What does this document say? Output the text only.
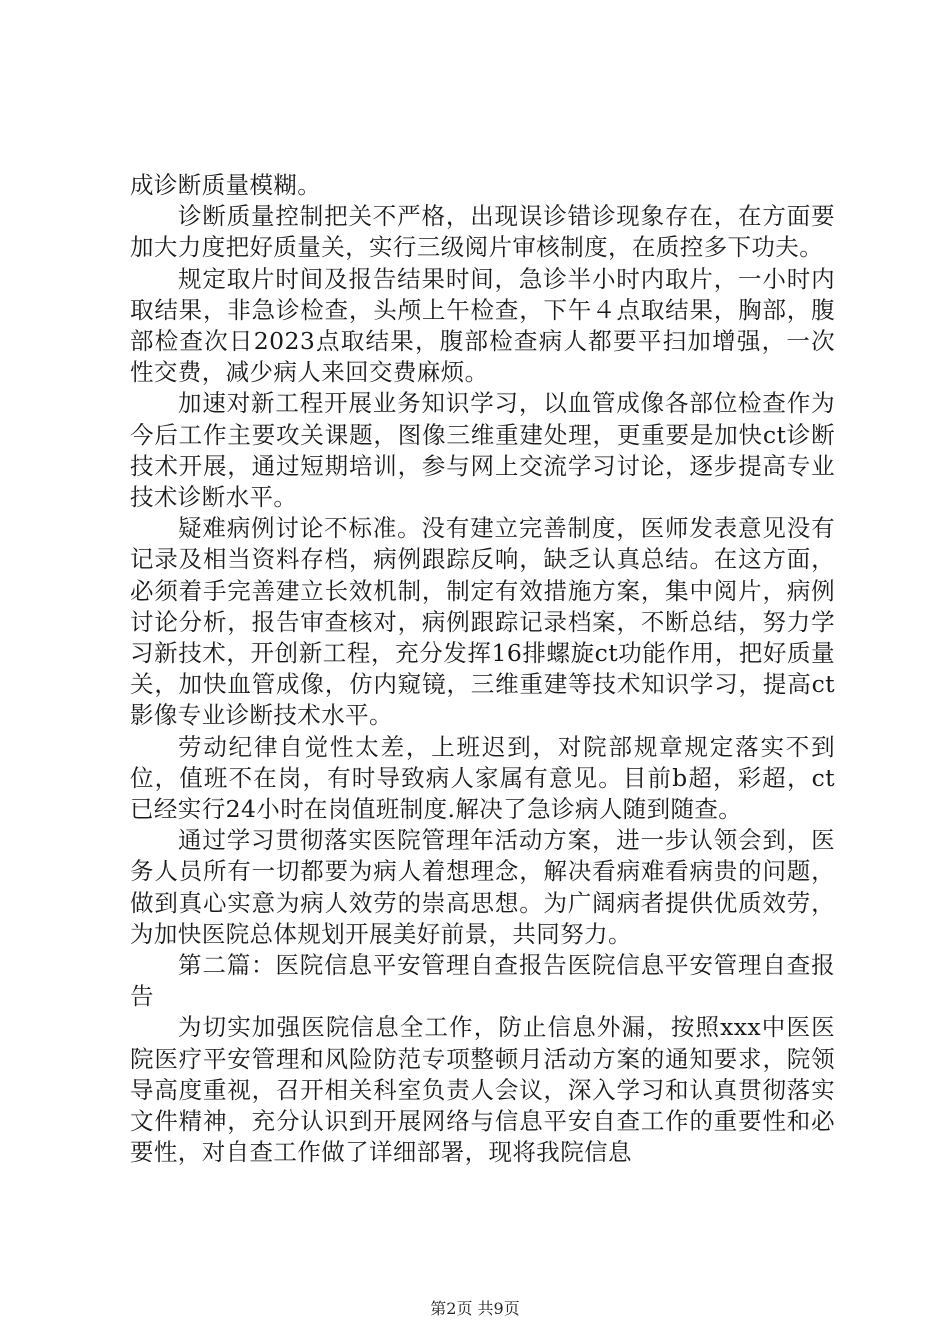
成诊断质量模糊。

诊断质量控制把关不严格，出现误诊错诊现象存在，在方面要加大力度把好质量关，实行三级阅片审核制度，在质控多下功夫。

规定取片时间及报告结果时间，急诊半小时内取片，一小时内取结果，非急诊检查，头颅上午检查，下午４点取结果，胸部，腹部检查次日2023点取结果，腹部检查病人都要平扫加增强，一次性交费，减少病人来回交费麻烦。

加速对新工程开展业务知识学习，以血管成像各部位检查作为今后工作主要攻关课题，图像三维重建处理，更重要是加快ct诊断技术开展，通过短期培训，参与网上交流学习讨论，逐步提高专业技术诊断水平。

疑难病例讨论不标准。没有建立完善制度，医师发表意见没有记录及相当资料存档，病例跟踪反响，缺乏认真总结。在这方面，必须着手完善建立长效机制，制定有效措施方案，集中阅片，病例讨论分析，报告审查核对，病例跟踪记录档案，不断总结，努力学习新技术，开创新工程，充分发挥16排螺旋ct功能作用，把好质量关，加快血管成像，仿内窥镜，三维重建等技术知识学习，提高ct影像专业诊断技术水平。

劳动纪律自觉性太差，上班迟到，对院部规章规定落实不到位，值班不在岗，有时导致病人家属有意见。目前b超，彩超，ct已经实行24小时在岗值班制度.解决了急诊病人随到随查。

通过学习贯彻落实医院管理年活动方案，进一步认领会到，医务人员所有一切都要为病人着想理念，解决看病难看病贵的问题，做到真心实意为病人效劳的崇高思想。为广阔病者提供优质效劳，为加快医院总体规划开展美好前景，共同努力。

第二篇：医院信息平安管理自查报告医院信息平安管理自查报告

为切实加强医院信息全工作，防止信息外漏，按照xxx中医医院医疗平安管理和风险防范专项整顿月活动方案的通知要求，院领导高度重视，召开相关科室负责人会议，深入学习和认真贯彻落实文件精神，充分认识到开展网络与信息平安自查工作的重要性和必要性，对自查工作做了详细部署，现将我院信息

第2页 共9页
